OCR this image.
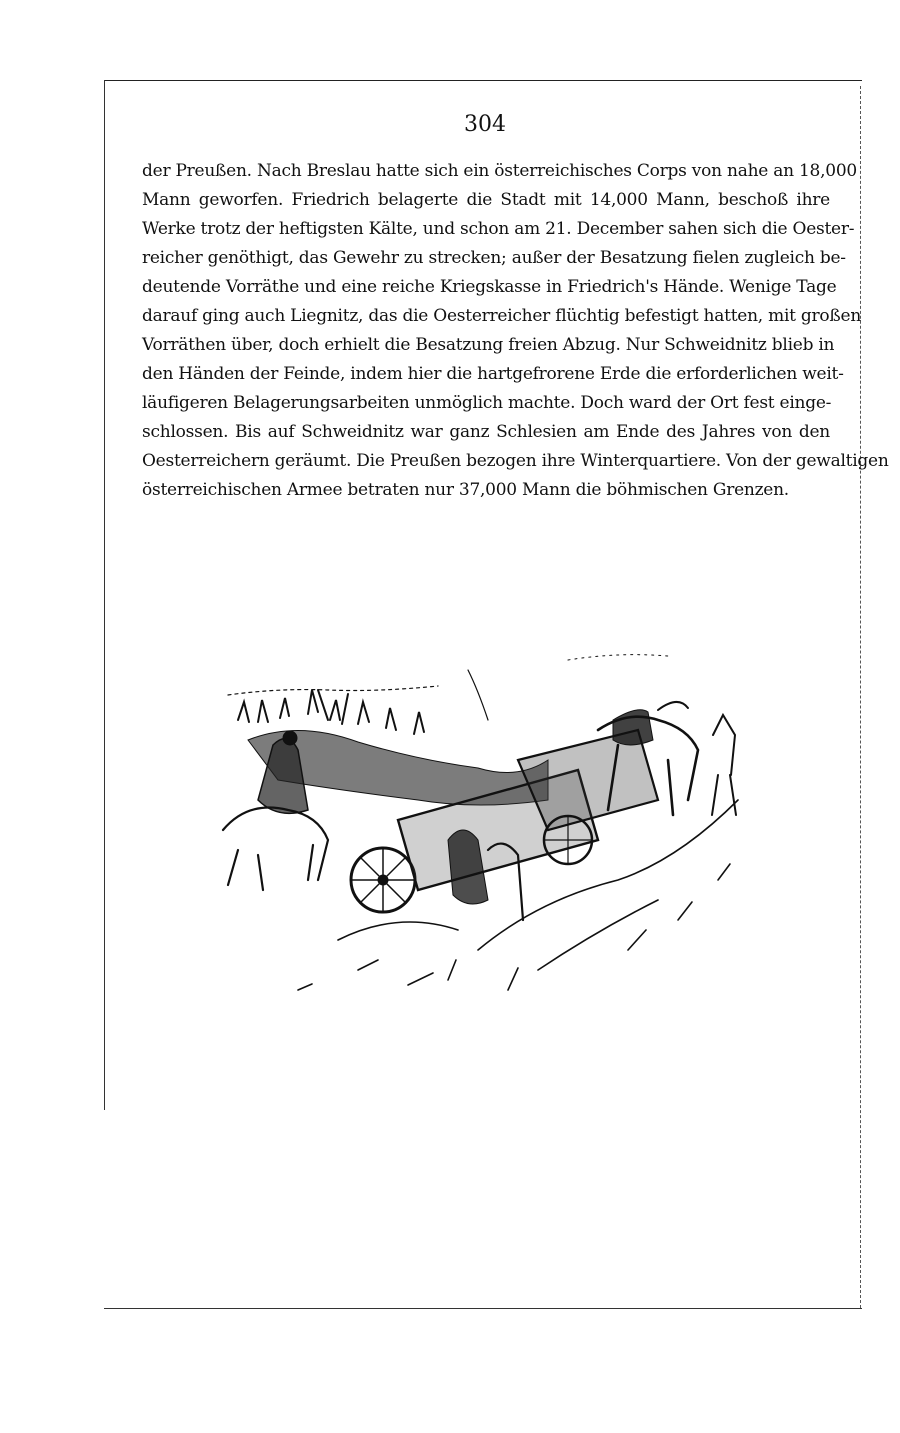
304
der Preußen. Nach Breslau hatte sich ein österreichisches Corps von nahe an 18,000
Mann geworfen. Friedrich belagerte die Stadt mit 14,000 Mann, beschoß ihre
Werke trotz der heftigsten Kälte, und schon am 21. December sahen sich die Oester-
reicher genöthigt, das Gewehr zu strecken; außer der Besatzung fielen zugleich be-
deutende Vorräthe und eine reiche Kriegskasse in Friedrich's Hände. Wenige Tage
darauf ging auch Liegnitz, das die Oesterreicher flüchtig befestigt hatten, mit großen
Vorräthen über, doch erhielt die Besatzung freien Abzug. Nur Schweidnitz blieb in
den Händen der Feinde, indem hier die hartgefrorene Erde die erforderlichen weit-
läufigeren Belagerungsarbeiten unmöglich machte. Doch ward der Ort fest einge-
schlossen. Bis auf Schweidnitz war ganz Schlesien am Ende des Jahres von den
Oesterreichern geräumt. Die Preußen bezogen ihre Winterquartiere. Von der gewaltigen
österreichischen Armee betraten nur 37,000 Mann die böhmischen Grenzen.
